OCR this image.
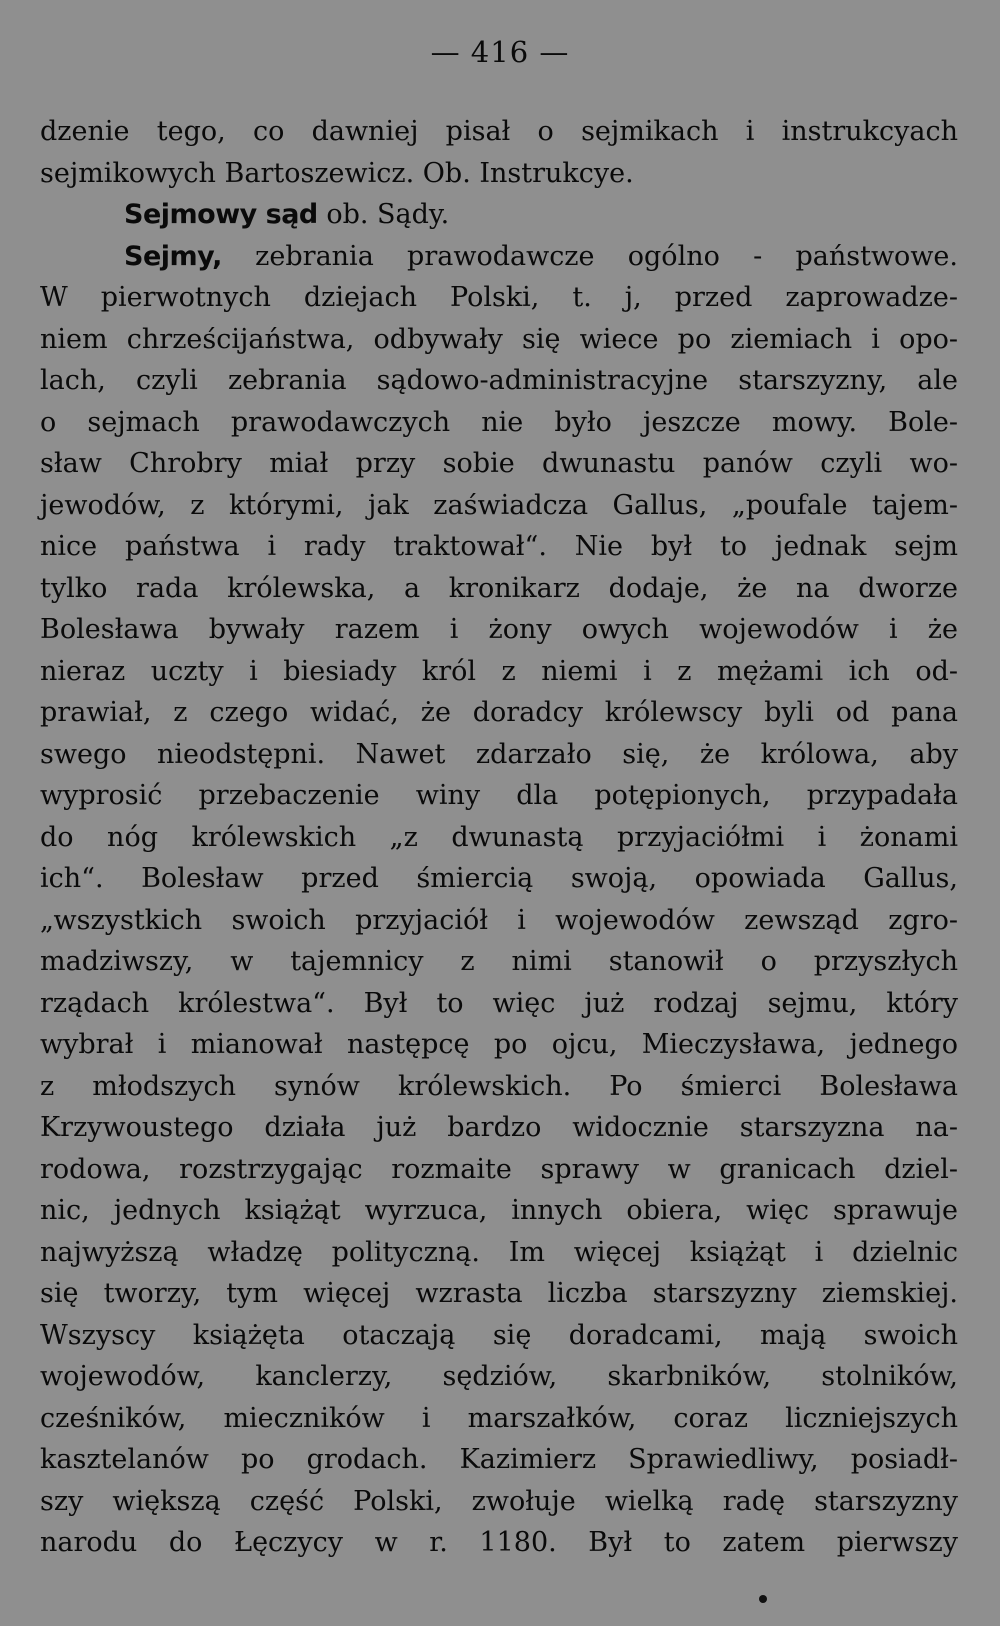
— 416 —
dzenie tego, co dawniej pisał o sejmikach i instrukcyach
sejmikowych Bartoszewicz. Ob. Instrukcye.
Sejmowy sąd ob. Sądy.
Sejmy, zebrania prawodawcze ogólno - państwowe.
W pierwotnych dziejach Polski, t. j, przed zaprowadze-
niem chrześcijaństwa, odbywały się wiece po ziemiach i opo-
lach, czyli zebrania sądowo-administracyjne starszyzny, ale
o sejmach prawodawczych nie było jeszcze mowy. Bole-
sław Chrobry miał przy sobie dwunastu panów czyli wo-
jewodów, z którymi, jak zaświadcza Gallus, „poufale tajem-
nice państwa i rady traktował“. Nie był to jednak sejm
tylko rada królewska, a kronikarz dodaje, że na dworze
Bolesława bywały razem i żony owych wojewodów i że
nieraz uczty i biesiady król z niemi i z mężami ich od-
prawiał, z czego widać, że doradcy królewscy byli od pana
swego nieodstępni. Nawet zdarzało się, że królowa, aby
wyprosić przebaczenie winy dla potępionych, przypadała
do nóg królewskich „z dwunastą przyjaciółmi i żonami
ich“. Bolesław przed śmiercią swoją, opowiada Gallus,
„wszystkich swoich przyjaciół i wojewodów zewsząd zgro-
madziwszy, w tajemnicy z nimi stanowił o przyszłych
rządach królestwa“. Był to więc już rodzaj sejmu, który
wybrał i mianował następcę po ojcu, Mieczysława, jednego
z młodszych synów królewskich. Po śmierci Bolesława
Krzywoustego działa już bardzo widocznie starszyzna na-
rodowa, rozstrzygając rozmaite sprawy w granicach dziel-
nic, jednych książąt wyrzuca, innych obiera, więc sprawuje
najwyższą władzę polityczną. Im więcej książąt i dzielnic
się tworzy, tym więcej wzrasta liczba starszyzny ziemskiej.
Wszyscy książęta otaczają się doradcami, mają swoich
wojewodów, kanclerzy, sędziów, skarbników, stolników,
cześników, mieczników i marszałków, coraz liczniejszych
kasztelanów po grodach. Kazimierz Sprawiedliwy, posiadł-
szy większą część Polski, zwołuje wielką radę starszyzny
narodu do Łęczycy w r. 1180. Był to zatem pierwszy
